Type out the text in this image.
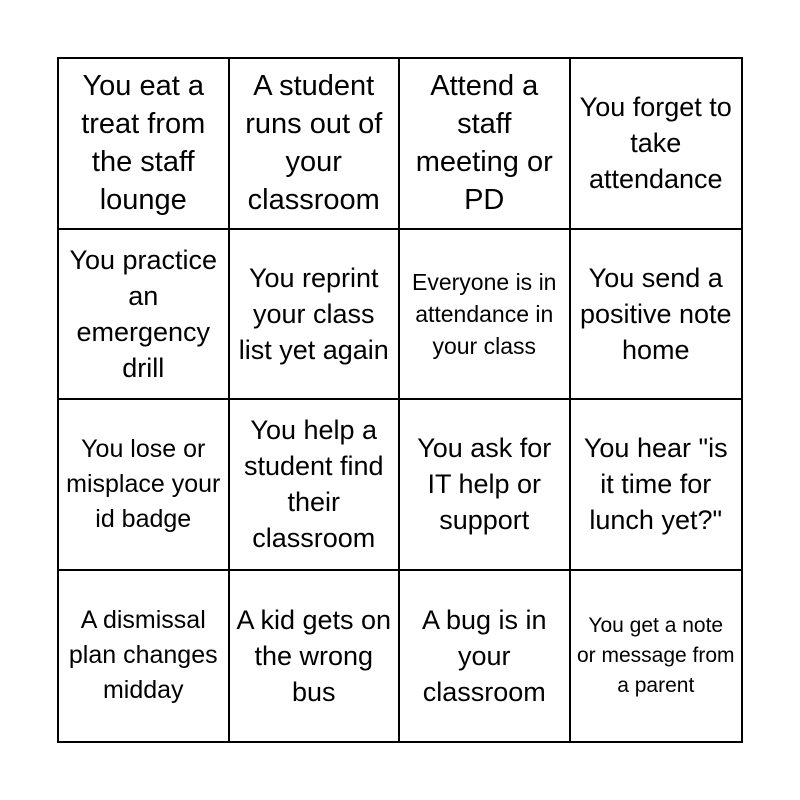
You eat a treat from the staff lounge
A student runs out of your classroom
Attend a staff meeting or PD
You forget to take attendance
You practice an emergency drill
You reprint your class list yet again
Everyone is in attendance in your class
You send a positive note home
You lose or misplace your id badge
You help a student find their classroom
You ask for IT help or support
You hear "is it time for lunch yet?"
A dismissal plan changes midday
A kid gets on the wrong bus
A bug is in your classroom
You get a note or message from a parent
